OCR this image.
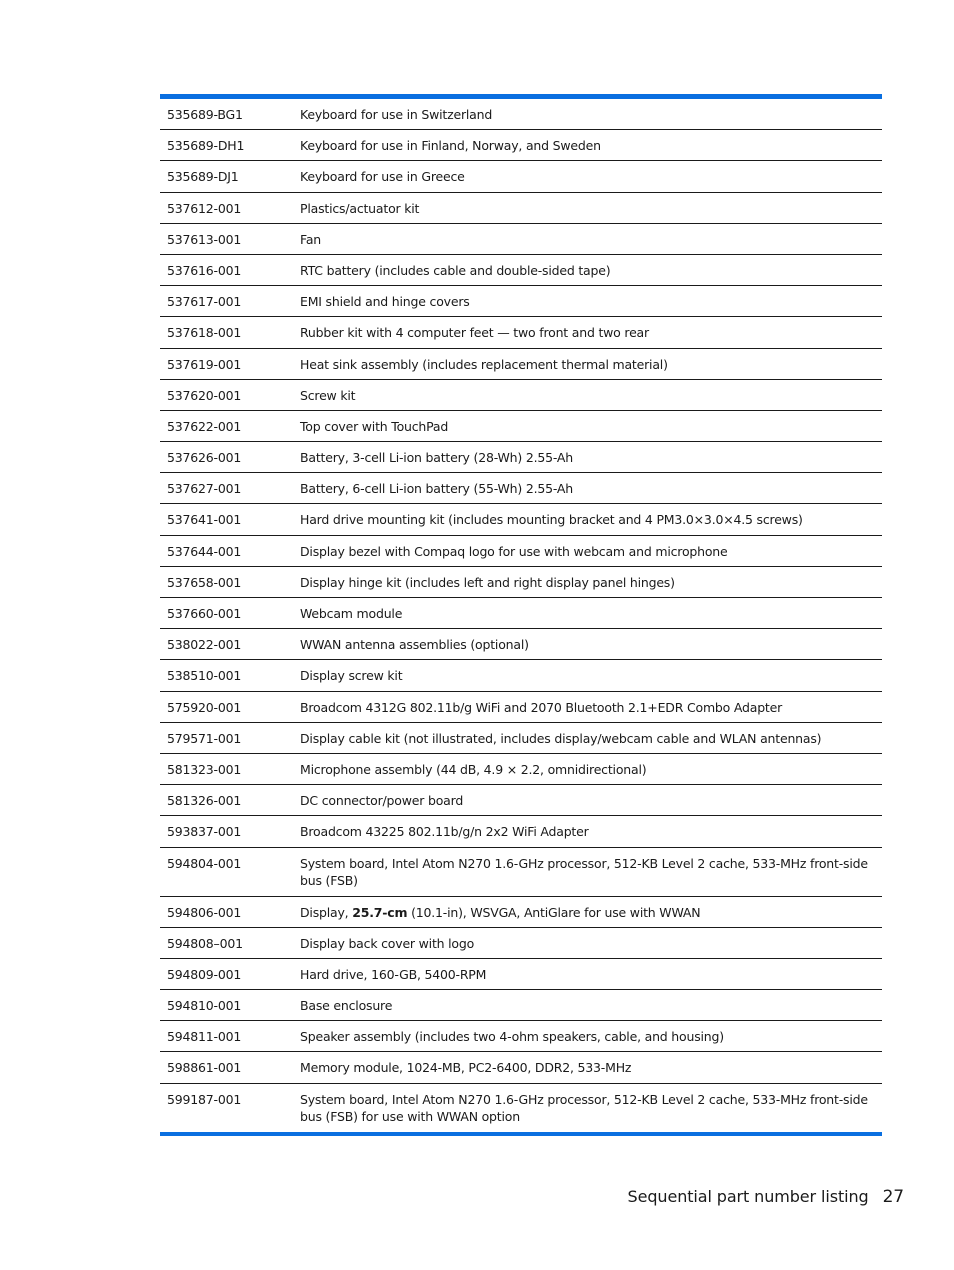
535689-BG1	Keyboard for use in Switzerland
535689-DH1	Keyboard for use in Finland, Norway, and Sweden
535689-DJ1	Keyboard for use in Greece
537612-001	Plastics/actuator kit
537613-001	Fan
537616-001	RTC battery (includes cable and double-sided tape)
537617-001	EMI shield and hinge covers
537618-001	Rubber kit with 4 computer feet — two front and two rear
537619-001	Heat sink assembly (includes replacement thermal material)
537620-001	Screw kit
537622-001	Top cover with TouchPad
537626-001	Battery, 3-cell Li-ion battery (28-Wh) 2.55-Ah
537627-001	Battery, 6-cell Li-ion battery (55-Wh) 2.55-Ah
537641-001	Hard drive mounting kit (includes mounting bracket and 4 PM3.0×3.0×4.5 screws)
537644-001	Display bezel with Compaq logo for use with webcam and microphone
537658-001	Display hinge kit (includes left and right display panel hinges)
537660-001	Webcam module
538022-001	WWAN antenna assemblies (optional)
538510-001	Display screw kit
575920-001	Broadcom 4312G 802.11b/g WiFi and 2070 Bluetooth 2.1+EDR Combo Adapter
579571-001	Display cable kit (not illustrated, includes display/webcam cable and WLAN antennas)
581323-001	Microphone assembly (44 dB, 4.9 × 2.2, omnidirectional)
581326-001	DC connector/power board
593837-001	Broadcom 43225 802.11b/g/n 2x2 WiFi Adapter
594804-001	System board, Intel Atom N270 1.6-GHz processor, 512-KB Level 2 cache, 533-MHz front-side bus (FSB)
594806-001	Display, 25.7-cm (10.1-in), WSVGA, AntiGlare for use with WWAN
594808–001	Display back cover with logo
594809-001	Hard drive, 160-GB, 5400-RPM
594810-001	Base enclosure
594811-001	Speaker assembly (includes two 4-ohm speakers, cable, and housing)
598861-001	Memory module, 1024-MB, PC2-6400, DDR2, 533-MHz
599187-001	System board, Intel Atom N270 1.6-GHz processor, 512-KB Level 2 cache, 533-MHz front-side bus (FSB) for use with WWAN option
Sequential part number listing 27
